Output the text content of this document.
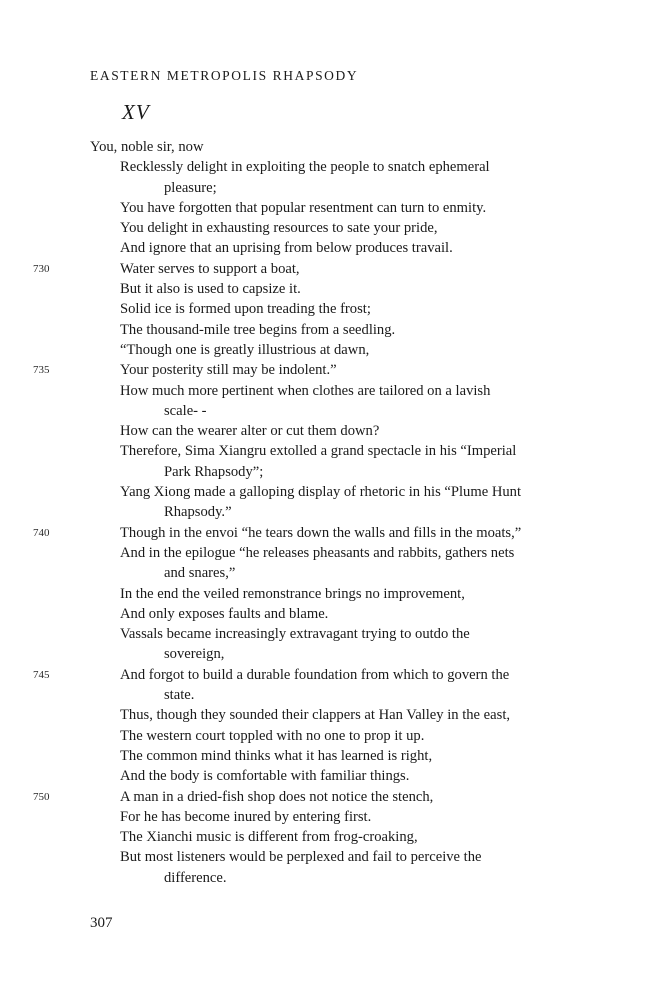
EASTERN METROPOLIS RHAPSODY
XV
You, noble sir, now
Recklessly delight in exploiting the people to snatch ephemeral
pleasure;
You have forgotten that popular resentment can turn to enmity.
You delight in exhausting resources to sate your pride,
And ignore that an uprising from below produces travail.
730	Water serves to support a boat,
But it also is used to capsize it.
Solid ice is formed upon treading the frost;
The thousand-mile tree begins from a seedling.
“Though one is greatly illustrious at dawn,
735	Your posterity still may be indolent.”
How much more pertinent when clothes are tailored on a lavish
scale- -
How can the wearer alter or cut them down?
Therefore, Sima Xiangru extolled a grand spectacle in his “Imperial
Park Rhapsody”;
Yang Xiong made a galloping display of rhetoric in his “Plume Hunt
Rhapsody.”
740	Though in the envoi “he tears down the walls and fills in the moats,”
And in the epilogue “he releases pheasants and rabbits, gathers nets
and snares,”
In the end the veiled remonstrance brings no improvement,
And only exposes faults and blame.
Vassals became increasingly extravagant trying to outdo the
sovereign,
745	And forgot to build a durable foundation from which to govern the
state.
Thus, though they sounded their clappers at Han Valley in the east,
The western court toppled with no one to prop it up.
The common mind thinks what it has learned is right,
And the body is comfortable with familiar things.
750	A man in a dried-fish shop does not notice the stench,
For he has become inured by entering first.
The Xianchi music is different from frog-croaking,
But most listeners would be perplexed and fail to perceive the
difference.
307
